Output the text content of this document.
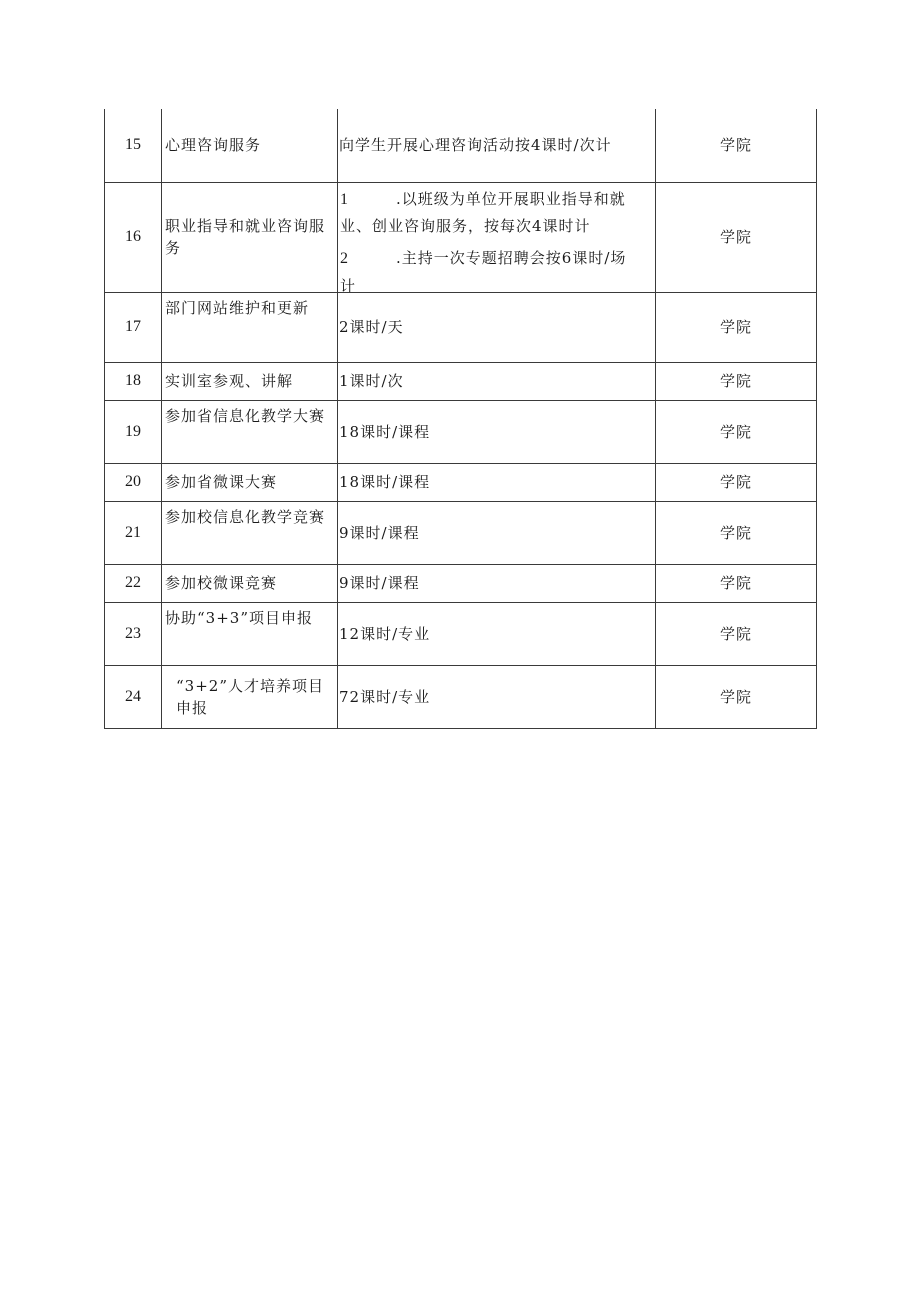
15	心理咨询服务	向学生开展心理咨询活动按4课时/次计	学院
16	职业指导和就业咨询服务	1 .以班级为单位开展职业指导和就
业、创业咨询服务，按每次4课时计
2 .主持一次专题招聘会按6课时/场
计	学院
17	部门网站维护和更新	2课时/天	学院
18	实训室参观、讲解	1课时/次	学院
19	参加省信息化教学大赛	18课时/课程	学院
20	参加省微课大赛	18课时/课程	学院
21	参加校信息化教学竞赛	9课时/课程	学院
22	参加校微课竞赛	9课时/课程	学院
23	协助“3+3”项目申报	12课时/专业	学院
24	“3+2”人才培养项目申报	72课时/专业	学院
